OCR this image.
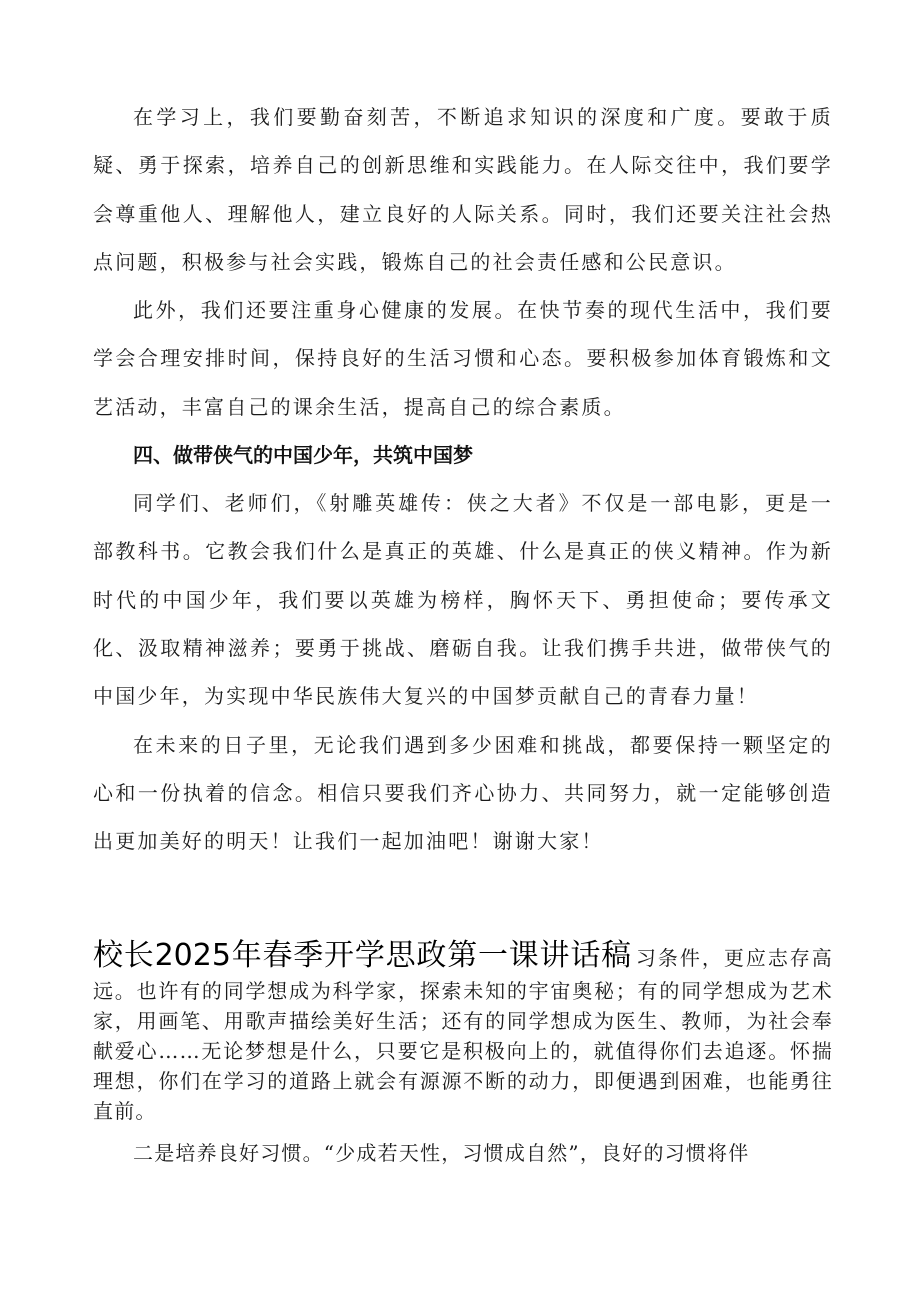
在学习上，我们要勤奋刻苦，不断追求知识的深度和广度。要敢于质疑、勇于探索，培养自己的创新思维和实践能力。在人际交往中，我们要学会尊重他人、理解他人，建立良好的人际关系。同时，我们还要关注社会热点问题，积极参与社会实践，锻炼自己的社会责任感和公民意识。

此外，我们还要注重身心健康的发展。在快节奏的现代生活中，我们要学会合理安排时间，保持良好的生活习惯和心态。要积极参加体育锻炼和文艺活动，丰富自己的课余生活，提高自己的综合素质。

四、做带侠气的中国少年，共筑中国梦

同学们、老师们，《射雕英雄传：侠之大者》不仅是一部电影，更是一部教科书。它教会我们什么是真正的英雄、什么是真正的侠义精神。作为新时代的中国少年，我们要以英雄为榜样，胸怀天下、勇担使命；要传承文化、汲取精神滋养；要勇于挑战、磨砺自我。让我们携手共进，做带侠气的中国少年，为实现中华民族伟大复兴的中国梦贡献自己的青春力量！

在未来的日子里，无论我们遇到多少困难和挑战，都要保持一颗坚定的心和一份执着的信念。相信只要我们齐心协力、共同努力，就一定能够创造出更加美好的明天！让我们一起加油吧！谢谢大家！

校长2025年春季开学思政第一课讲话稿 习条件，更应志存高远。也许有的同学想成为科学家，探索未知的宇宙奥秘；有的同学想成为艺术家，用画笔、用歌声描绘美好生活；还有的同学想成为医生、教师，为社会奉献爱心……无论梦想是什么，只要它是积极向上的，就值得你们去追逐。怀揣理想，你们在学习的道路上就会有源源不断的动力，即便遇到困难，也能勇往直前。

二是培养良好习惯。“少成若天性，习惯成自然”，良好的习惯将伴
